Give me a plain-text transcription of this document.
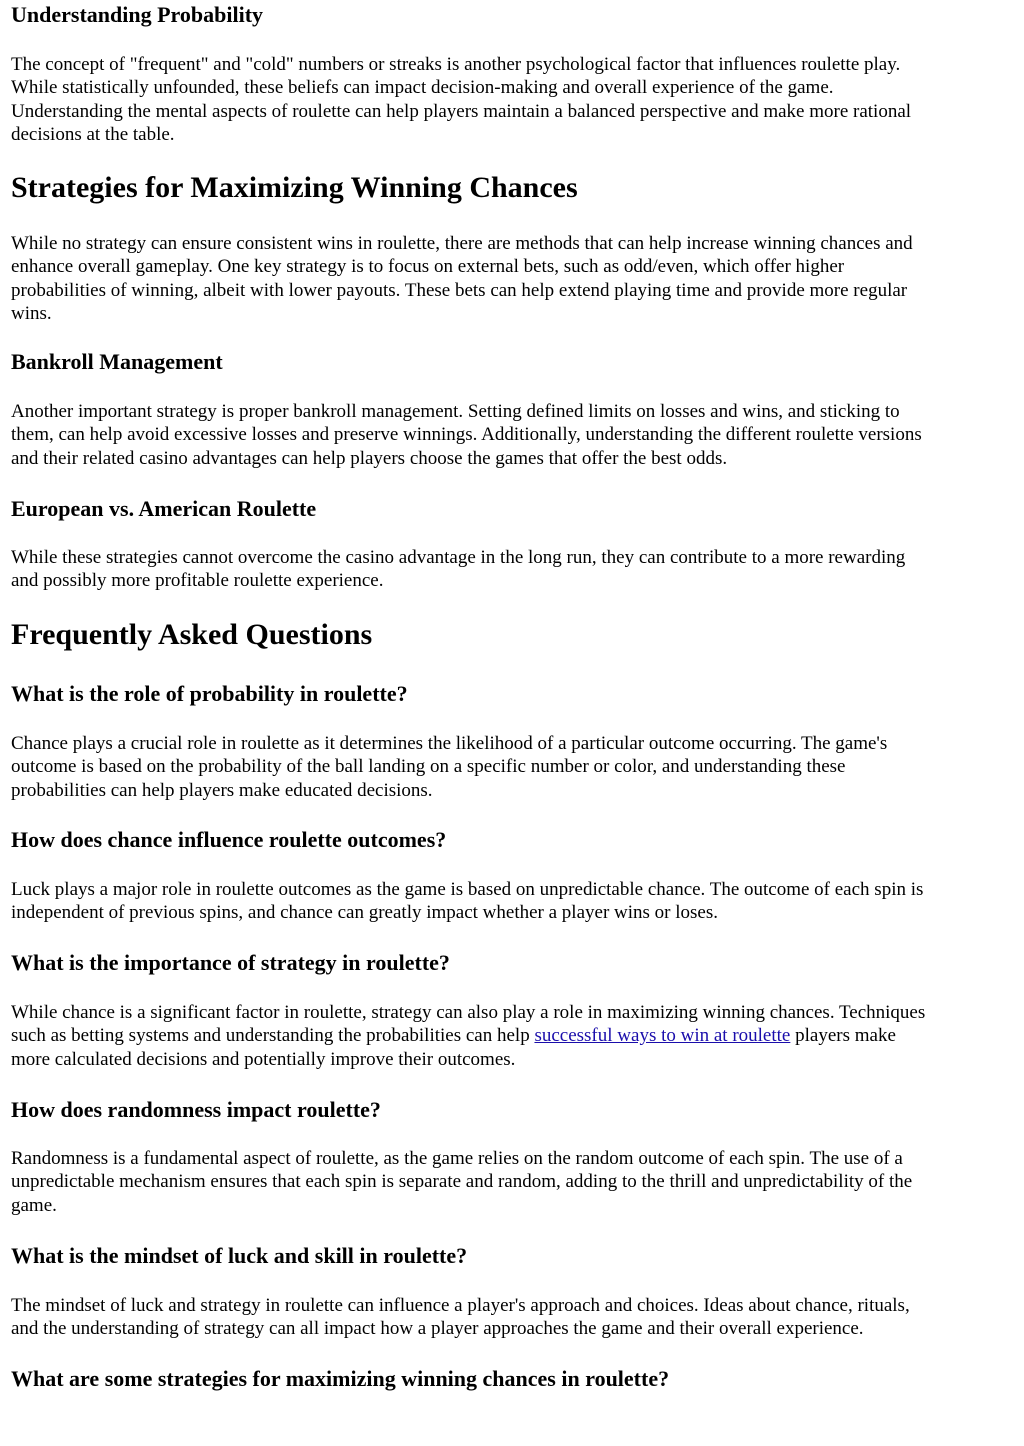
Understanding Probability

The concept of "frequent" and "cold" numbers or streaks is another psychological factor that influences roulette play.
While statistically unfounded, these beliefs can impact decision-making and overall experience of the game.
Understanding the mental aspects of roulette can help players maintain a balanced perspective and make more rational
decisions at the table.

Strategies for Maximizing Winning Chances

While no strategy can ensure consistent wins in roulette, there are methods that can help increase winning chances and
enhance overall gameplay. One key strategy is to focus on external bets, such as odd/even, which offer higher
probabilities of winning, albeit with lower payouts. These bets can help extend playing time and provide more regular
wins.

Bankroll Management

Another important strategy is proper bankroll management. Setting defined limits on losses and wins, and sticking to
them, can help avoid excessive losses and preserve winnings. Additionally, understanding the different roulette versions
and their related casino advantages can help players choose the games that offer the best odds.

European vs. American Roulette

While these strategies cannot overcome the casino advantage in the long run, they can contribute to a more rewarding
and possibly more profitable roulette experience.

Frequently Asked Questions
What is the role of probability in roulette?

Chance plays a crucial role in roulette as it determines the likelihood of a particular outcome occurring. The game's
outcome is based on the probability of the ball landing on a specific number or color, and understanding these
probabilities can help players make educated decisions.

How does chance influence roulette outcomes?

Luck plays a major role in roulette outcomes as the game is based on unpredictable chance. The outcome of each spin is
independent of previous spins, and chance can greatly impact whether a player wins or loses.

What is the importance of strategy in roulette?

While chance is a significant factor in roulette, strategy can also play a role in maximizing winning chances. Techniques
such as betting systems and understanding the probabilities can help successful ways to win at roulette players make
more calculated decisions and potentially improve their outcomes.

How does randomness impact roulette?

Randomness is a fundamental aspect of roulette, as the game relies on the random outcome of each spin. The use of a
unpredictable mechanism ensures that each spin is separate and random, adding to the thrill and unpredictability of the
game.

What is the mindset of luck and skill in roulette?

The mindset of luck and strategy in roulette can influence a player's approach and choices. Ideas about chance, rituals,
and the understanding of strategy can all impact how a player approaches the game and their overall experience.

What are some strategies for maximizing winning chances in roulette?
